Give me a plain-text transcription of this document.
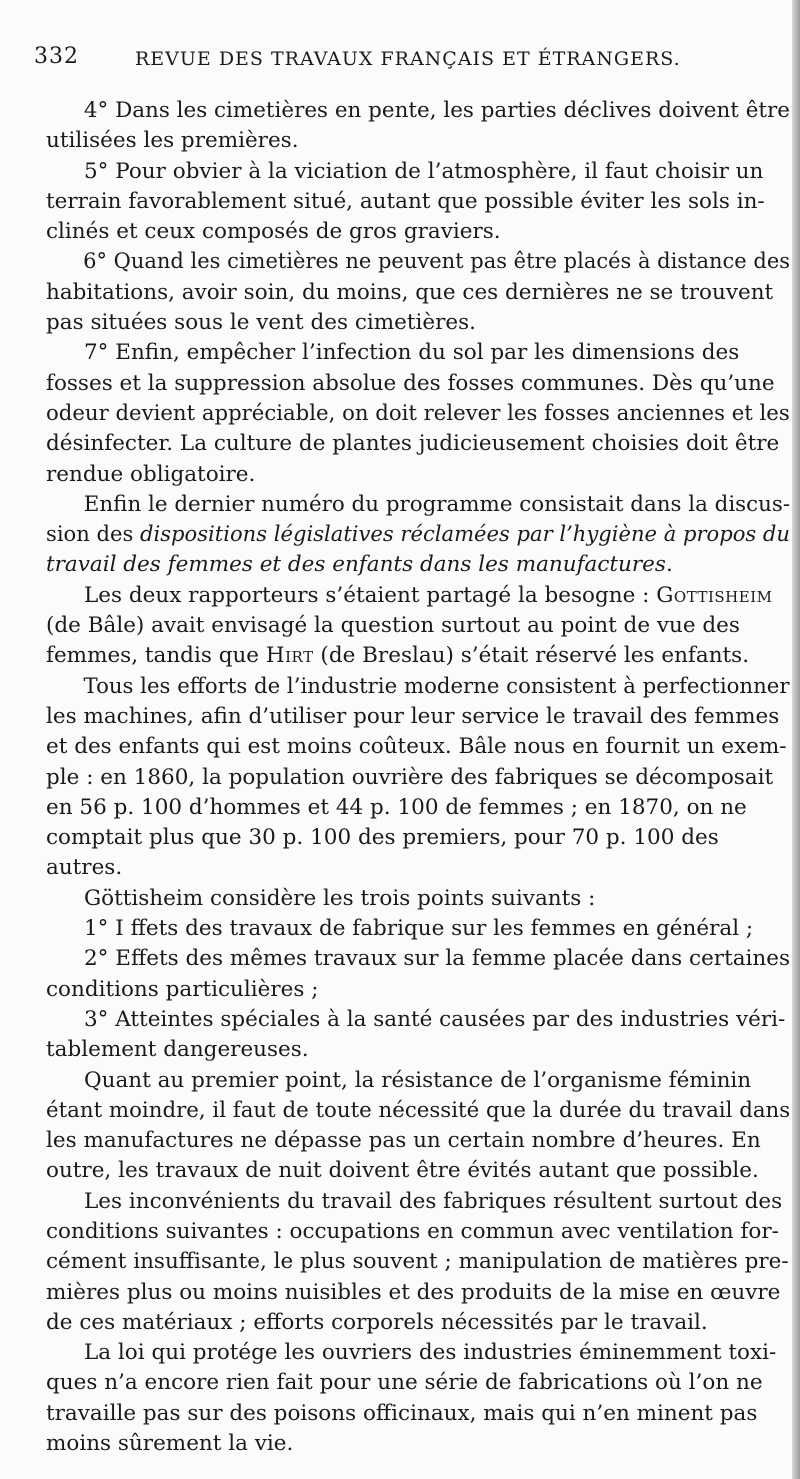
332	REVUE DES TRAVAUX FRANÇAIS ET ÉTRANGERS.
4° Dans les cimetières en pente, les parties déclives doivent être
utilisées les premières.
5° Pour obvier à la viciation de l’atmosphère, il faut choisir un
terrain favorablement situé, autant que possible éviter les sols in-
clinés et ceux composés de gros graviers.
6° Quand les cimetières ne peuvent pas être placés à distance des
habitations, avoir soin, du moins, que ces dernières ne se trouvent
pas situées sous le vent des cimetières.
7° Enfin, empêcher l’infection du sol par les dimensions des
fosses et la suppression absolue des fosses communes. Dès qu’une
odeur devient appréciable, on doit relever les fosses anciennes et les
désinfecter. La culture de plantes judicieusement choisies doit être
rendue obligatoire.
Enfin le dernier numéro du programme consistait dans la discus-
sion des dispositions législatives réclamées par l’hygiène à propos du
travail des femmes et des enfants dans les manufactures.
Les deux rapporteurs s’étaient partagé la besogne : Gottisheim
(de Bâle) avait envisagé la question surtout au point de vue des
femmes, tandis que Hirt (de Breslau) s’était réservé les enfants.
Tous les efforts de l’industrie moderne consistent à perfectionner
les machines, afin d’utiliser pour leur service le travail des femmes
et des enfants qui est moins coûteux. Bâle nous en fournit un exem-
ple : en 1860, la population ouvrière des fabriques se décomposait
en 56 p. 100 d’hommes et 44 p. 100 de femmes ; en 1870, on ne
comptait plus que 30 p. 100 des premiers, pour 70 p. 100 des
autres.
Göttisheim considère les trois points suivants :
1° I ffets des travaux de fabrique sur les femmes en général ;
2° Effets des mêmes travaux sur la femme placée dans certaines
conditions particulières ;
3° Atteintes spéciales à la santé causées par des industries véri-
tablement dangereuses.
Quant au premier point, la résistance de l’organisme féminin
étant moindre, il faut de toute nécessité que la durée du travail dans
les manufactures ne dépasse pas un certain nombre d’heures. En
outre, les travaux de nuit doivent être évités autant que possible.
Les inconvénients du travail des fabriques résultent surtout des
conditions suivantes : occupations en commun avec ventilation for-
cément insuffisante, le plus souvent ; manipulation de matières pre-
mières plus ou moins nuisibles et des produits de la mise en œuvre
de ces matériaux ; efforts corporels nécessités par le travail.
La loi qui protége les ouvriers des industries éminemment toxi-
ques n’a encore rien fait pour une série de fabrications où l’on ne
travaille pas sur des poisons officinaux, mais qui n’en minent pas
moins sûrement la vie.
